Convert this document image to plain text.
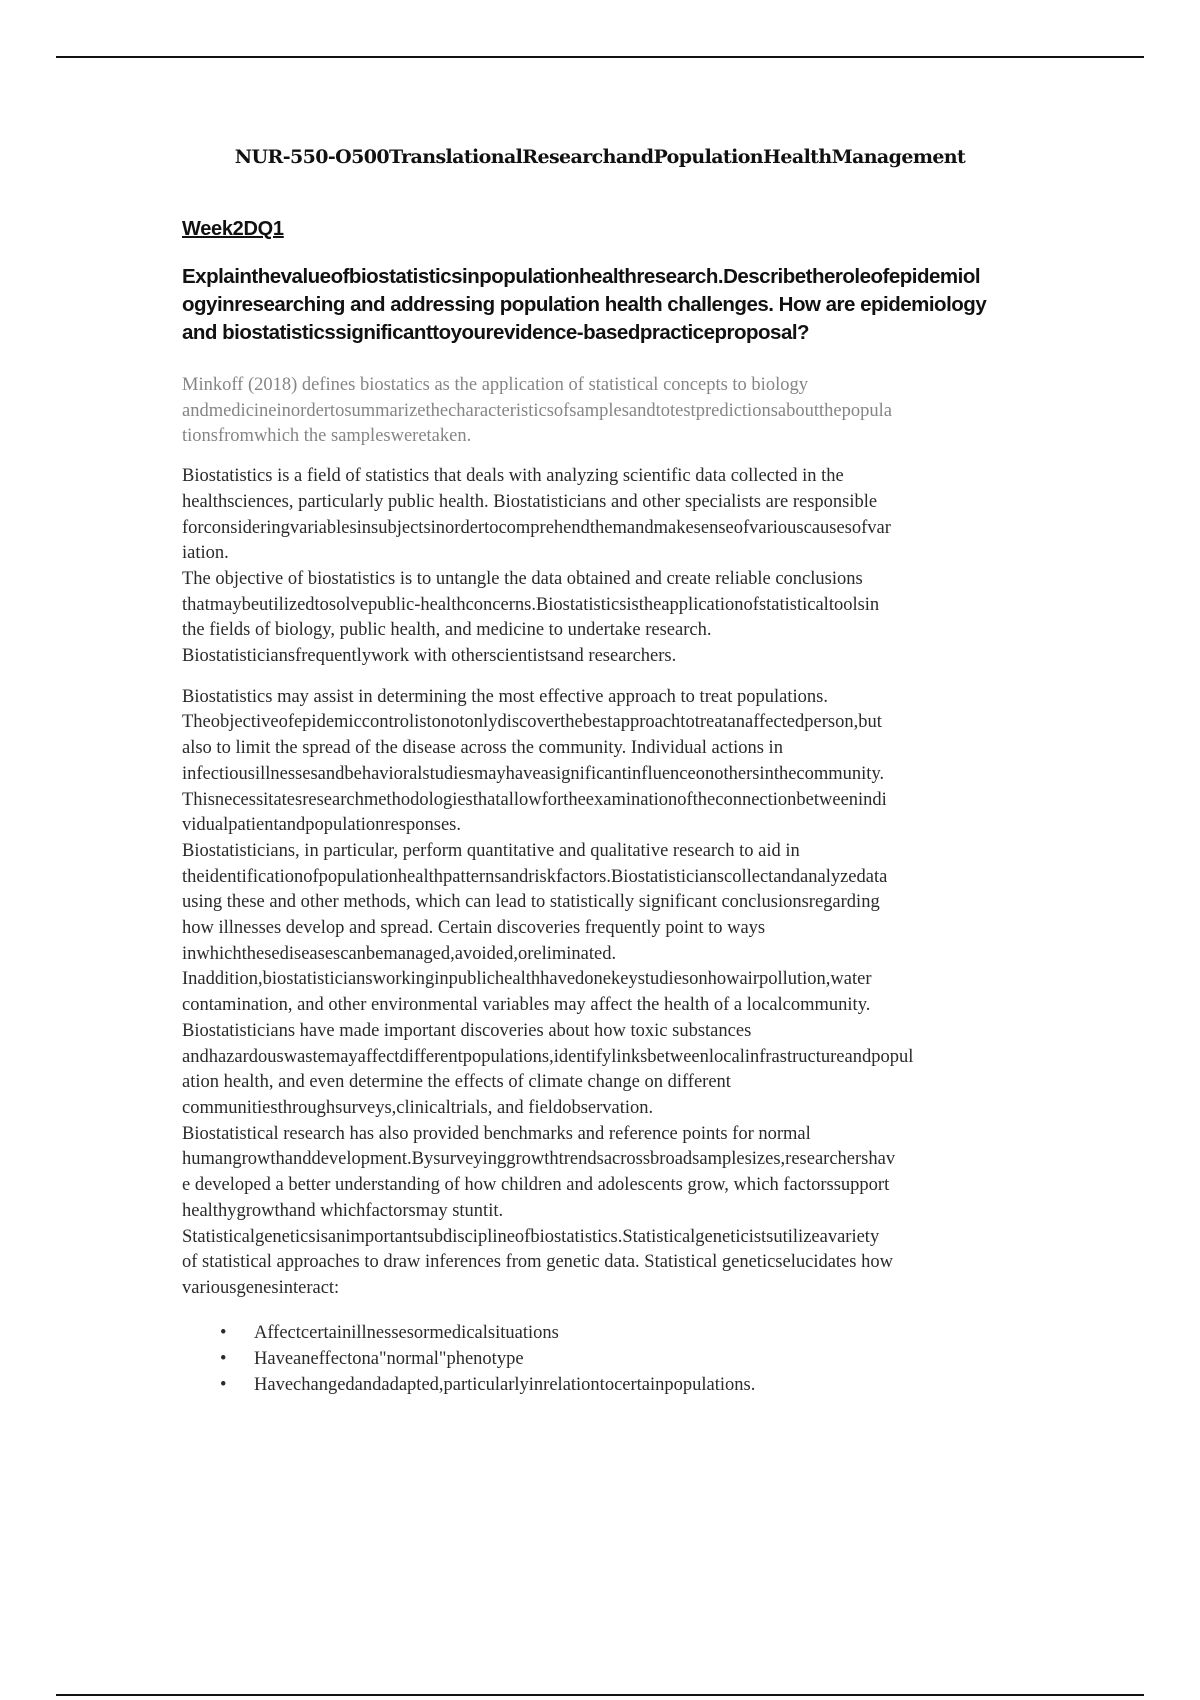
NUR-550-O500TranslationalResearchandPopulationHealthManagement
Week2DQ1
Explainthevalueofbiostatisticsinpopulationhealthresearch.Describetheroleofepidemiol
ogyinresearching and addressing population health challenges. How are epidemiology
and biostatisticssignificanttoyourevidence-basedpracticeproposal?
Minkoff (2018) defines biostatics as the application of statistical concepts to biology
andmedicineinordertosummarizethecharacteristicsofsamplesandtotestpredictionsaboutthepopula
tionsfromwhich the samplesweretaken.
Biostatistics is a field of statistics that deals with analyzing scientific data collected in the
healthsciences, particularly public health. Biostatisticians and other specialists are responsible
forconsideringvariablesinsubjectsinordertocomprehendthemandmakesenseofvariouscausesofvar
iation.
The objective of biostatistics is to untangle the data obtained and create reliable conclusions
thatmaybeutilizedtosolvepublic-healthconcerns.Biostatisticsistheapplicationofstatisticaltoolsin
the fields of biology, public health, and medicine to undertake research.
Biostatisticiansfrequentlywork with otherscientistsand researchers.
Biostatistics may assist in determining the most effective approach to treat populations.
Theobjectiveofepidemiccontrolistonotonlydiscoverthebestapproachtotreatanaffectedperson,but
also to limit the spread of the disease across the community. Individual actions in
infectiousillnessesandbehavioralstudiesmayhaveasignificantinfluenceonothersinthecommunity.
Thisnecessitatesresearchmethodologiesthatallowfortheexaminationoftheconnectionbetweenindi
vidualpatientandpopulationresponses.
Biostatisticians, in particular, perform quantitative and qualitative research to aid in
theidentificationofpopulationhealthpatternsandriskfactors.Biostatisticianscollectandanalyzedata
using these and other methods, which can lead to statistically significant conclusionsregarding
how illnesses develop and spread. Certain discoveries frequently point to ways
inwhichthesediseasescanbemanaged,avoided,oreliminated.
Inaddition,biostatisticiansworkinginpublichealthhavedonekeystudiesonhowairpollution,water
contamination, and other environmental variables may affect the health of a localcommunity.
Biostatisticians have made important discoveries about how toxic substances
andhazardouswastemayaffectdifferentpopulations,identifylinksbetweenlocalinfrastructureandpopul
ation health, and even determine the effects of climate change on different
communitiesthroughsurveys,clinicaltrials, and fieldobservation.
Biostatistical research has also provided benchmarks and reference points for normal
humangrowthanddevelopment.Bysurveyinggrowthtrendsacrossbroadsamplesizes,researchershav
e developed a better understanding of how children and adolescents grow, which factorssupport
healthygrowthand whichfactorsmay stuntit.
Statisticalgeneticsisanimportantsubdisciplineofbiostatistics.Statisticalgeneticistsutilizeavariety
of statistical approaches to draw inferences from genetic data. Statistical geneticselucidates how
variousgenesinteract:
• Affectcertainillnessesormedicalsituations
• Haveaneffectona"normal"phenotype
• Havechangedandadapted,particularlyinrelationtocertainpopulations.
